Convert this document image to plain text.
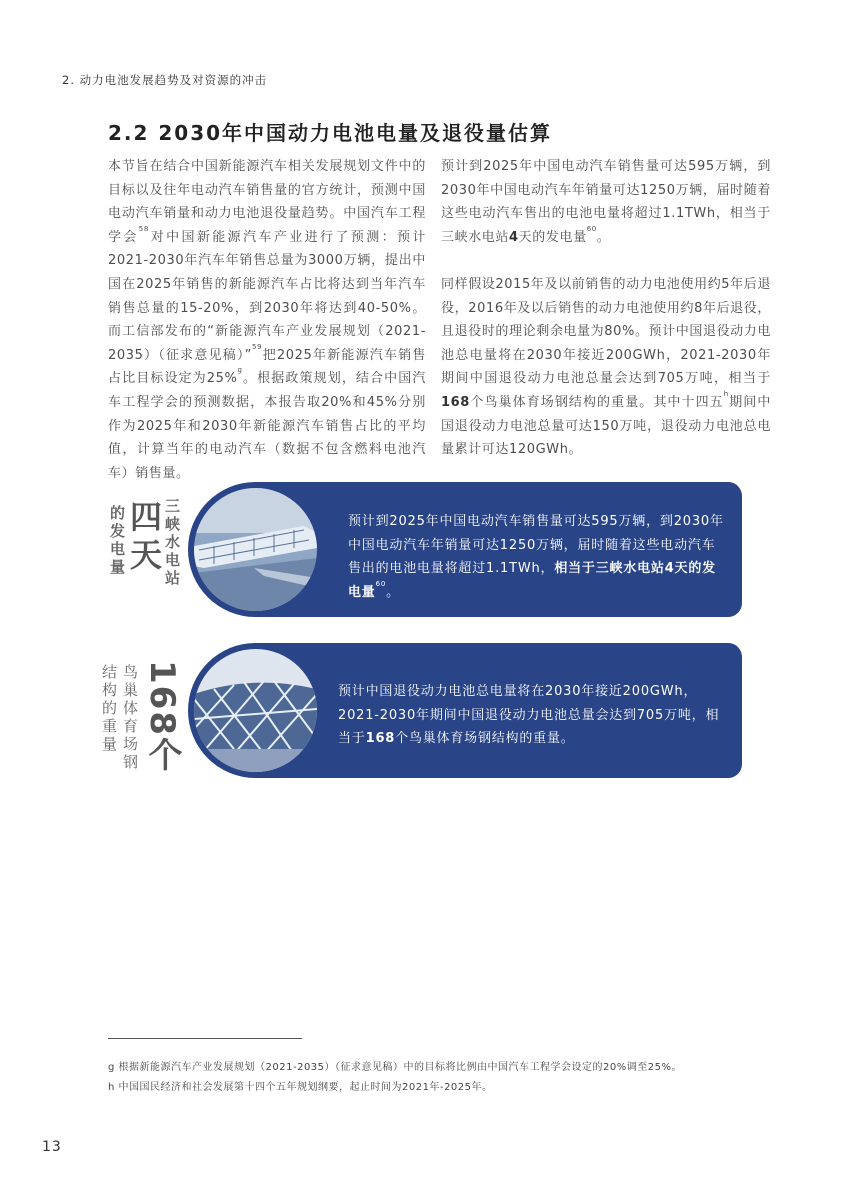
2. 动力电池发展趋势及对资源的冲击
2.2 2030年中国动力电池电量及退役量估算

本节旨在结合中国新能源汽车相关发展规划文件中的目标以及往年电动汽车销售量的官方统计，预测中国电动汽车销量和动力电池退役量趋势。中国汽车工程学会$^{58}$对中国新能源汽车产业进行了预测：预计2021-2030年汽车年销售总量为3000万辆，提出中国在2025年销售的新能源汽车占比将达到当年汽车销售总量的15-20%，到2030年将达到40-50%。而工信部发布的“新能源汽车产业发展规划（2021-2035）（征求意见稿）”$^{59}$把2025年新能源汽车销售占比目标设定为25%$^g$。根据政策规划，结合中国汽车工程学会的预测数据，本报告取20%和45%分别作为2025年和2030年新能源汽车销售占比的平均值，计算当年的电动汽车（数据不包含燃料电池汽车）销售量。

预计到2025年中国电动汽车销售量可达595万辆，到2030年中国电动汽车年销量可达1250万辆，届时随着这些电动汽车售出的电池电量将超过1.1TWh，相当于三峡水电站4天的发电量$^{60}$。

同样假设2015年及以前销售的动力电池使用约5年后退役，2016年及以后销售的动力电池使用约8年后退役，且退役时的理论剩余电量为80%。预计中国退役动力电池总电量将在2030年接近200GWh，2021-2030年期间中国退役动力电池总量会达到705万吨，相当于168个鸟巢体育场钢结构的重量。其中十四五$^h$期间中国退役动力电池总量可达150万吨，退役动力电池总电量累计可达120GWh。

的发电量 四天 三峡水电站	预计到2025年中国电动汽车销售量可达595万辆，到2030年中国电动汽车年销量可达1250万辆，届时随着这些电动汽车售出的电池电量将超过1.1TWh，相当于三峡水电站4天的发电量$^{60}$。
结构的重量 鸟巢体育场钢 168个	预计中国退役动力电池总电量将在2030年接近200GWh，2021-2030年期间中国退役动力电池总量会达到705万吨，相当于168个鸟巢体育场钢结构的重量。
g 根据新能源汽车产业发展规划（2021-2035）（征求意见稿）中的目标将比例由中国汽车工程学会设定的20%调至25%。
h 中国国民经济和社会发展第十四个五年规划纲要，起止时间为2021年-2025年。
13
